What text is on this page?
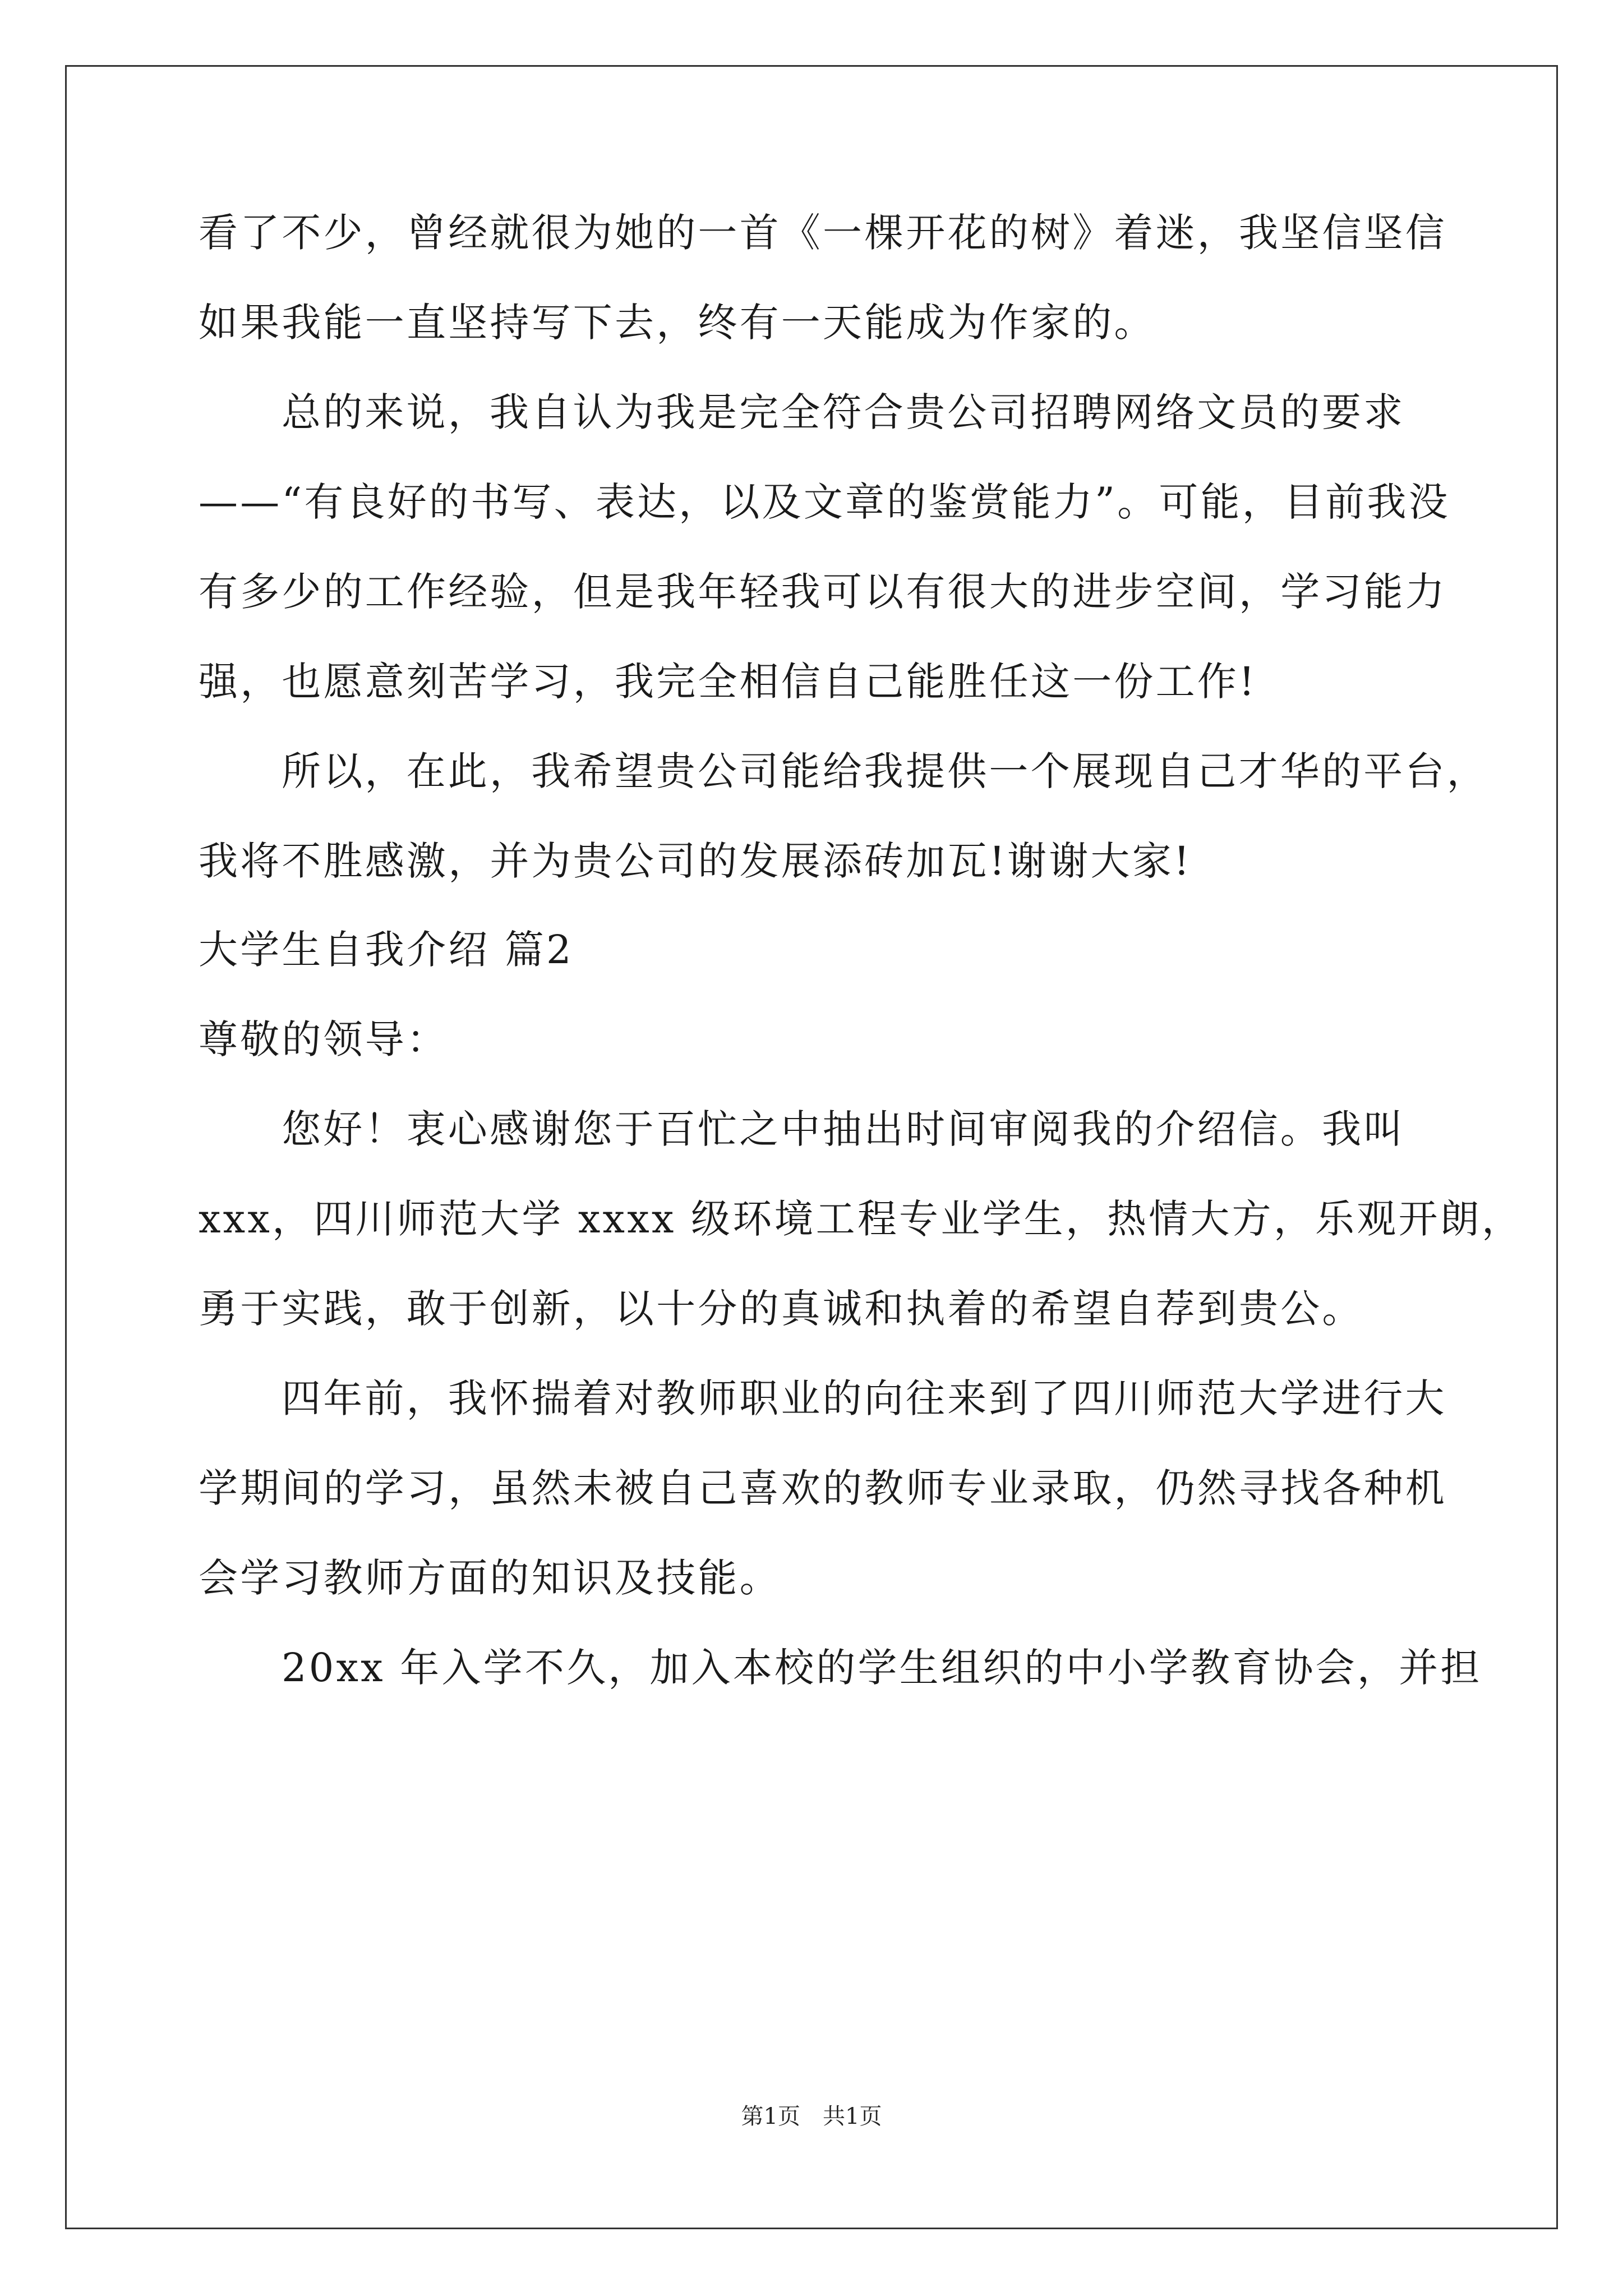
看了不少，曾经就很为她的一首《一棵开花的树》着迷，我坚信坚信
如果我能一直坚持写下去，终有一天能成为作家的。
总的来说，我自认为我是完全符合贵公司招聘网络文员的要求
——“有良好的书写、表达，以及文章的鉴赏能力”。可能，目前我没
有多少的工作经验，但是我年轻我可以有很大的进步空间，学习能力
强，也愿意刻苦学习，我完全相信自己能胜任这一份工作!
所以，在此，我希望贵公司能给我提供一个展现自己才华的平台，
我将不胜感激，并为贵公司的发展添砖加瓦!谢谢大家!
大学生自我介绍 篇2
尊敬的领导：
您好！衷心感谢您于百忙之中抽出时间审阅我的介绍信。我叫
xxx，四川师范大学 xxxx 级环境工程专业学生，热情大方，乐观开朗，
勇于实践，敢于创新，以十分的真诚和执着的希望自荐到贵公。
四年前，我怀揣着对教师职业的向往来到了四川师范大学进行大
学期间的学习，虽然未被自己喜欢的教师专业录取，仍然寻找各种机
会学习教师方面的知识及技能。
20xx 年入学不久，加入本校的学生组织的中小学教育协会，并担
第1页　共1页
